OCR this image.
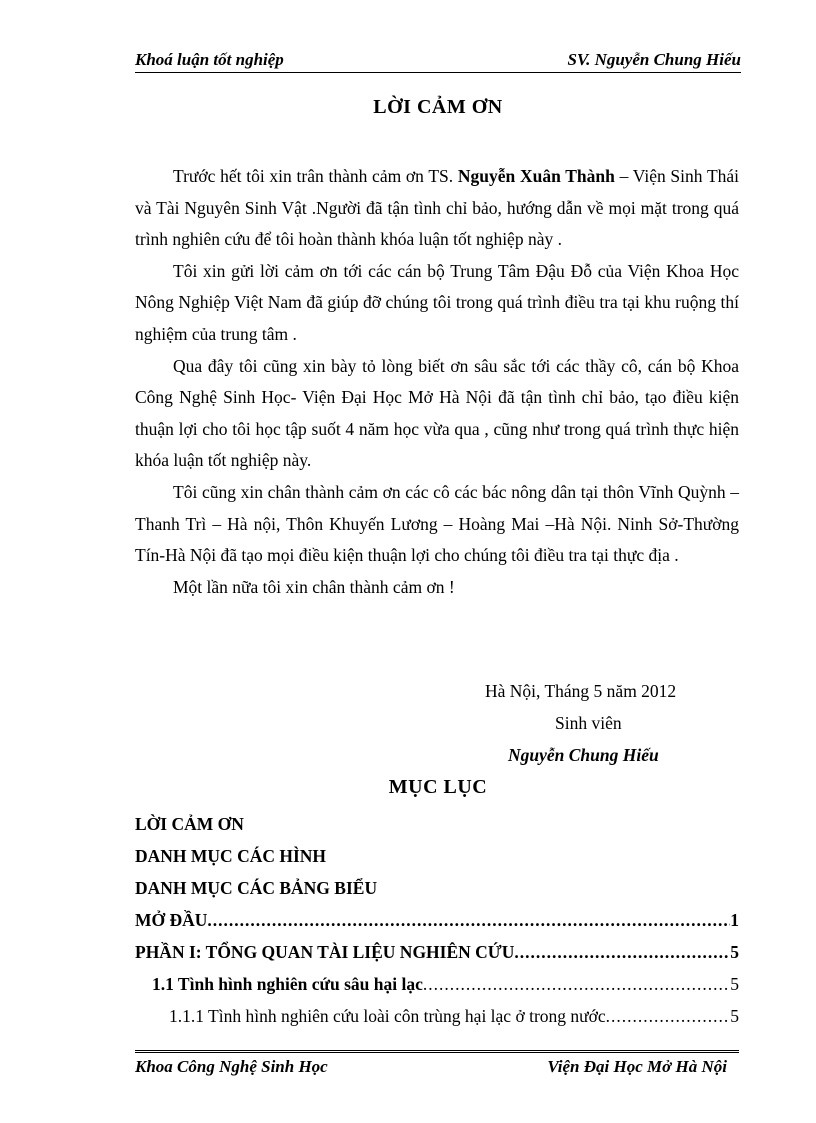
Khoá luận tốt nghiệp	SV. Nguyễn Chung Hiếu
LỜI CẢM ƠN

Trước hết tôi xin trân thành cảm ơn TS. Nguyễn Xuân Thành – Viện Sinh Thái và Tài Nguyên Sinh Vật .Người đã tận tình chỉ bảo, hướng dẫn về mọi mặt trong quá trình nghiên cứu để tôi hoàn thành khóa luận tốt nghiệp này .

Tôi xin gửi lời cảm ơn tới các cán bộ Trung Tâm Đậu Đỗ của Viện Khoa Học Nông Nghiệp Việt Nam đã giúp đỡ chúng tôi trong quá trình điều tra tại khu ruộng thí nghiệm của trung tâm .

Qua đây tôi cũng xin bày tỏ lòng biết ơn sâu sắc tới các thầy cô, cán bộ Khoa Công Nghệ Sinh Học- Viện Đại Học Mở Hà Nội đã tận tình chỉ bảo, tạo điều kiện thuận lợi cho tôi học tập suốt 4 năm học vừa qua , cũng như trong quá trình thực hiện khóa luận tốt nghiệp này.

Tôi cũng xin chân thành cảm ơn các cô các bác nông dân tại thôn Vĩnh Quỳnh – Thanh Trì – Hà nội, Thôn Khuyến Lương – Hoàng Mai –Hà Nội. Ninh Sở-Thường Tín-Hà Nội đã tạo mọi điều kiện thuận lợi cho chúng tôi điều tra tại thực địa .

Một lần nữa tôi xin chân thành cảm ơn !

Hà Nội, Tháng 5 năm 2012
Sinh viên
Nguyễn Chung Hiếu
MỤC LỤC
LỜI CẢM ƠN
DANH MỤC CÁC HÌNH
DANH MỤC CÁC BẢNG BIỂU
MỞ ĐẦU .....	1
PHẦN I: TỔNG QUAN TÀI LIỆU NGHIÊN CỨU .....	5
1.1 Tình hình nghiên cứu sâu hại lạc .....	5
1.1.1 Tình hình nghiên cứu loài côn trùng hại lạc ở trong nước .....	5
Khoa Công Nghệ Sinh Học	Viện Đại Học Mở Hà Nội
